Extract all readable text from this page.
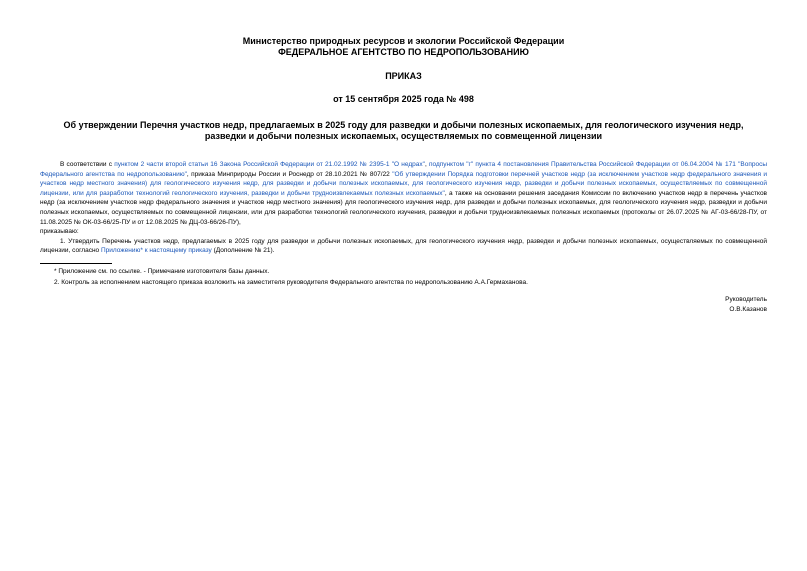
Министерство природных ресурсов и экологии Российской Федерации
ФЕДЕРАЛЬНОЕ АГЕНТСТВО ПО НЕДРОПОЛЬЗОВАНИЮ
ПРИКАЗ
от 15 сентября 2025 года № 498
Об утверждении Перечня участков недр, предлагаемых в 2025 году для разведки и добычи полезных ископаемых, для геологического изучения недр, разведки и добычи полезных ископаемых, осуществляемых по совмещенной лицензии

В соответствии с пунктом 2 части второй статьи 16 Закона Российской Федерации от 21.02.1992 № 2395-1 "О недрах", подпунктом "г" пункта 4 постановления Правительства Российской Федерации от 06.04.2004 № 171 "Вопросы Федерального агентства по недропользованию", приказа Минприроды России и Роснедр от 28.10.2021 № 807/22 "Об утверждении Порядка подготовки перечней участков недр (за исключением участков недр федерального значения и участков недр местного значения) для геологического изучения недр, для разведки и добычи полезных ископаемых, для геологического изучения недр, разведки и добычи полезных ископаемых, осуществляемых по совмещенной лицензии, или для разработки технологий геологического изучения, разведки и добычи трудноизвлекаемых полезных ископаемых", а также на основании решения заседания Комиссии по включению участков недр в перечень участков недр (за исключением участков недр федерального значения и участков недр местного значения) для геологического изучения недр, для разведки и добычи полезных ископаемых, для геологического изучения недр, разведки и добычи полезных ископаемых, осуществляемых по совмещенной лицензии, или для разработки технологий геологического изучения, разведки и добычи трудноизвлекаемых полезных ископаемых (протоколы от 26.07.2025 № АГ-03-66/28-ПУ, от 11.08.2025 № ОК-03-66/25-ПУ и от 12.08.2025 № ДЦ-03-66/26-ПУ),

приказываю:

1. Утвердить Перечень участков недр, предлагаемых в 2025 году для разведки и добычи полезных ископаемых, для геологического изучения недр, разведки и добычи полезных ископаемых, осуществляемых по совмещенной лицензии, согласно Приложению* к настоящему приказу (Дополнение № 21).

* Приложение см. по ссылке. - Примечание изготовителя базы данных.

2. Контроль за исполнением настоящего приказа возложить на заместителя руководителя Федерального агентства по недропользованию А.А.Гермаханова.

Руководитель
О.В.Казанов
